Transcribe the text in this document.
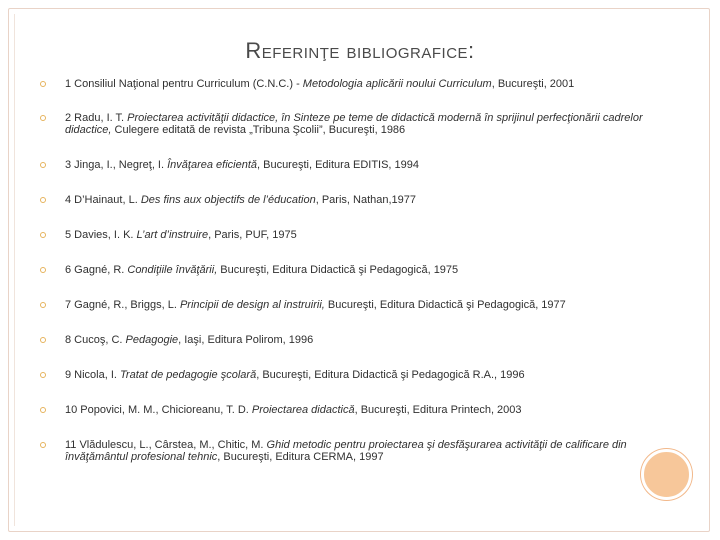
Referinţe bibliografice:
1 Consiliul Naţional pentru Curriculum (C.N.C.) - Metodologia aplicării noului Curriculum, Bucureşti, 2001
2 Radu, I. T. Proiectarea activităţii didactice, în Sinteze pe teme de didactică modernă în sprijinul perfecţionării cadrelor didactice, Culegere editată de revista „Tribuna Şcolii”, Bucureşti, 1986
3 Jinga, I., Negreţ, I. Învăţarea eficientă, Bucureşti, Editura EDITIS, 1994
4 D’Hainaut, L. Des fins aux objectifs de l’éducation, Paris, Nathan,1977
5 Davies, I. K. L’art d’instruire, Paris, PUF, 1975
6 Gagné, R. Condiţiile învăţării, Bucureşti, Editura Didactică şi Pedagogică, 1975
7 Gagné, R., Briggs, L. Principii de design al instruirii, Bucureşti, Editura Didactică şi Pedagogică, 1977
8 Cucoş, C. Pedagogie, Iaşi, Editura Polirom, 1996
9 Nicola, I. Tratat de pedagogie şcolară, Bucureşti, Editura Didactică şi Pedagogică R.A., 1996
10 Popovici, M. M., Chicioreanu, T. D. Proiectarea didactică, Bucureşti, Editura Printech, 2003
11 Vlădulescu, L., Cârstea, M., Chitic, M. Ghid metodic pentru proiectarea şi desfăşurarea activităţii de calificare din învăţământul profesional tehnic, Bucureşti, Editura CERMA, 1997
